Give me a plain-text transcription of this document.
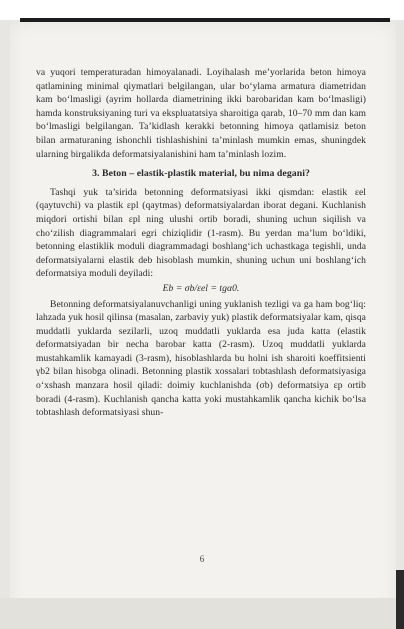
va yuqori temperaturadan himoyalanadi. Loyihalash me’yorlarida beton himoya qatlamining minimal qiymatlari belgilangan, ular bo‘ylama armatura diametridan kam bo‘lmasligi (ayrim hollarda diametrining ikki barobaridan kam bo‘lmasligi) hamda konstruksiyaning turi va ekspluatatsiya sharoitiga qarab, 10–70 mm dan kam bo‘lmasligi belgilangan. Ta’kidlash kerakki betonning himoya qatlamisiz beton bilan armaturaning ishonchli tishlashishini ta’minlash mumkin emas, shuningdek ularning birgalikda deformatsiyalanishini ham ta’minlash lozim.

3. Beton – elastik-plastik material, bu nima degani?

Tashqi yuk ta’sirida betonning deformatsiyasi ikki qismdan: elastik εel (qaytuvchi) va plastik εpl (qaytmas) deformatsiyalardan iborat degani. Kuchlanish miqdori ortishi bilan εpl ning ulushi ortib boradi, shuning uchun siqilish va cho‘zilish diagrammalari egri chiziqlidir (1-rasm). Bu yerdan ma’lum bo‘ldiki, betonning elastiklik moduli diagrammadagi boshlang‘ich uchastkaga tegishli, unda deformatsiyalarni elastik deb hisoblash mumkin, shuning uchun uni boshlang‘ich deformatsiya moduli deyiladi:

Eb = σb/εel = tgα0.

Betonning deformatsiyalanuvchanligi uning yuklanish tezligi va ga ham bog‘liq: lahzada yuk hosil qilinsa (masalan, zarbaviy yuk) plastik deformatsiyalar kam, qisqa muddatli yuklarda sezilarli, uzoq muddatli yuklarda esa juda katta (elastik deformatsiyadan bir necha barobar katta (2-rasm). Uzoq muddatli yuklarda mustahkamlik kamayadi (3-rasm), hisoblashlarda bu holni ish sharoiti koeffitsienti γb2 bilan hisobga olinadi. Betonning plastik xossalari tobtashlash deformatsiyasiga o‘xshash manzara hosil qiladi: doimiy kuchlanishda (σb) deformatsiya εp ortib boradi (4-rasm). Kuchlanish qancha katta yoki mustahkamlik qancha kichik bo‘lsa tobtashlash deformatsiyasi shun-

6
